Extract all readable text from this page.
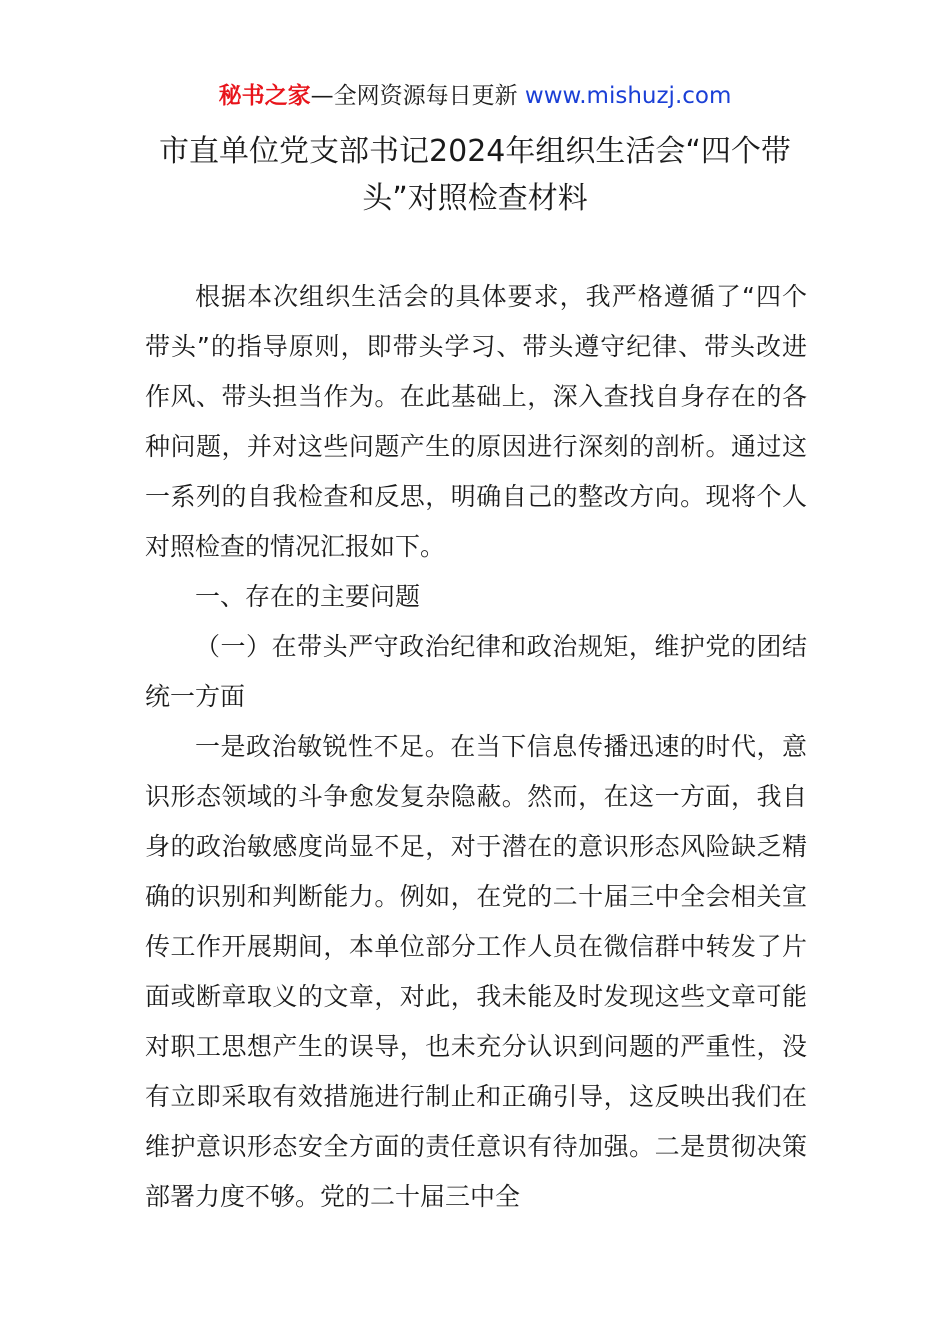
秘书之家—全网资源每日更新 www.mishuzj.com
市直单位党支部书记2024年组织生活会“四个带头”对照检查材料

根据本次组织生活会的具体要求，我严格遵循了“四个带头”的指导原则，即带头学习、带头遵守纪律、带头改进作风、带头担当作为。在此基础上，深入查找自身存在的各种问题，并对这些问题产生的原因进行深刻的剖析。通过这一系列的自我检查和反思，明确自己的整改方向。现将个人对照检查的情况汇报如下。

一、存在的主要问题

（一）在带头严守政治纪律和政治规矩，维护党的团结统一方面

一是政治敏锐性不足。在当下信息传播迅速的时代，意识形态领域的斗争愈发复杂隐蔽。然而，在这一方面，我自身的政治敏感度尚显不足，对于潜在的意识形态风险缺乏精确的识别和判断能力。例如，在党的二十届三中全会相关宣传工作开展期间，本单位部分工作人员在微信群中转发了片面或断章取义的文章，对此，我未能及时发现这些文章可能对职工思想产生的误导，也未充分认识到问题的严重性，没有立即采取有效措施进行制止和正确引导，这反映出我们在维护意识形态安全方面的责任意识有待加强。二是贯彻决策部署力度不够。党的二十届三中全
